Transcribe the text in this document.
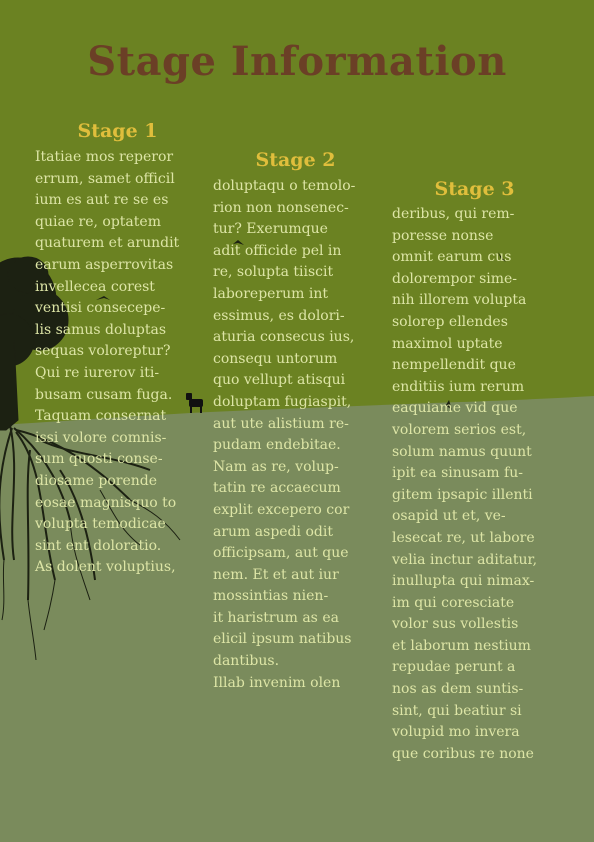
Stage Information
Stage 1

Itatiae mos reperor
errum, samet officil
ium es aut re se es
quiae re, optatem
quaturem et arundit
earum asperrovitas
invellecea corest
ventisi consecepe-
lis samus doluptas
sequas voloreptur?
Qui re iurerov iti-
busam cusam fuga.
Taquam consernat
issi volore comnis-
sum quosti conse-
diosame porende
eosae magnisquo to
volupta temodicae
sint ent doloratio.
As dolent voluptius,

Stage 2

doluptaqu o temolo-
rion non nonsenec-
tur? Exerumque
adit officide pel in
re, solupta tiiscit
laboreperum int
essimus, es dolori-
aturia consecus ius,
consequ untorum
quo vellupt atisqui
doluptam fugiaspit,
aut ute alistium re-
pudam endebitae.
Nam as re, volup-
tatin re accaecum
explit excepero cor
arum aspedi odit
officipsam, aut que
nem. Et et aut iur
mossintias nien-
it haristrum as ea
elicil ipsum natibus
dantibus.
Illab invenim olen

Stage 3

deribus, qui rem-
poresse nonse
omnit earum cus
dolorempor sime-
nih illorem volupta
solorep ellendes
maximol uptate
nempellendit que
enditiis ium rerum
eaquiame vid que
volorem serios est,
solum namus quunt
ipit ea sinusam fu-
gitem ipsapic illenti
osapid ut et, ve-
lesecat re, ut labore
velia inctur aditatur,
inullupta qui nimax-
im qui coresciate
volor sus vollestis
et laborum nestium
repudae perunt a
nos as dem suntis-
sint, qui beatiur si
volupid mo invera
que coribus re none
